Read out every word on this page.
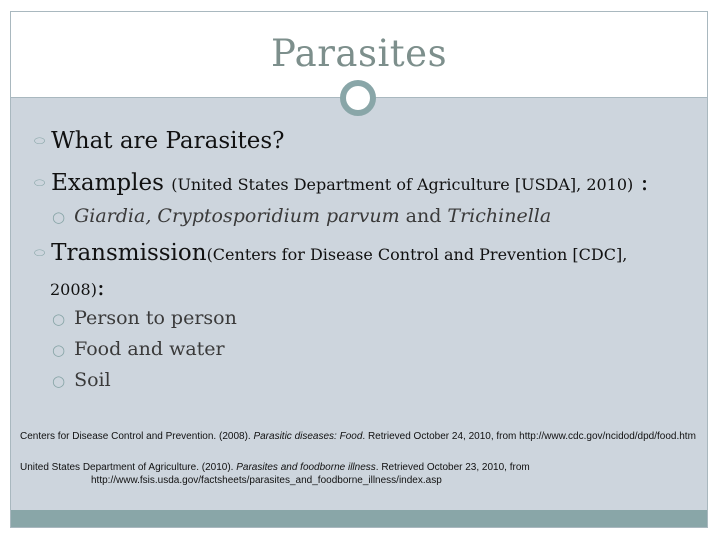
Parasites
⬭ What are Parasites?
⬭ Examples (United States Department of Agriculture [USDA], 2010) :
○ Giardia, Cryptosporidium parvum and Trichinella
⬭ Transmission(Centers for Disease Control and Prevention [CDC],
2008):
○ Person to person
○ Food and water
○ Soil
Centers for Disease Control and Prevention. (2008). Parasitic diseases: Food. Retrieved October 24, 2010, from http://www.cdc.gov/ncidod/dpd/food.htm
United States Department of Agriculture. (2010). Parasites and foodborne illness. Retrieved October 23, 2010, from
http://www.fsis.usda.gov/factsheets/parasites_and_foodborne_illness/index.asp
